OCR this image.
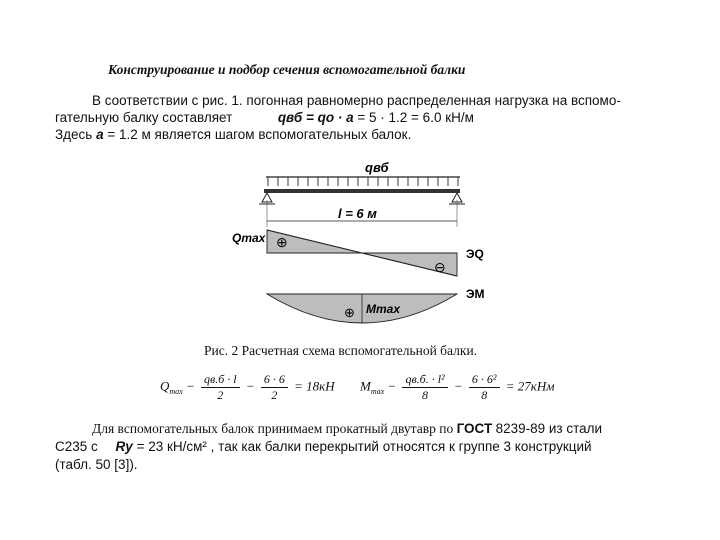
Конструирование и подбор сечения вспомогательной балки
В соответствии с рис. 1. погонная равномерно распределенная нагрузка на вспомо-
гательную балку составляет	qвб = qо · a = 5 · 1.2 = 6.0 кН/м
Здесь a = 1.2 м является шагом вспомогательных балок.
qвб
l = 6 м
Qmax ⊕
⊖
ЭQ
⊕ Mmax
ЭМ
Рис. 2 Расчетная схема вспомогательной балки.
$Q_{max} - \frac{qв.б \cdot l}{2} - \frac{6 \cdot 6}{2} = 18кН$ $M_{max} - \frac{\text{qв.б. · l²}}{8} - \frac{\text{6 · 6²}}{8} = 27кНм$
Для вспомогательных балок принимаем прокатный двутавр по ГОСТ 8239-89 из стали
С235 с Ry = 23 кН/см² , так как балки перекрытий относятся к группе 3 конструкций
(табл. 50 [3]).
